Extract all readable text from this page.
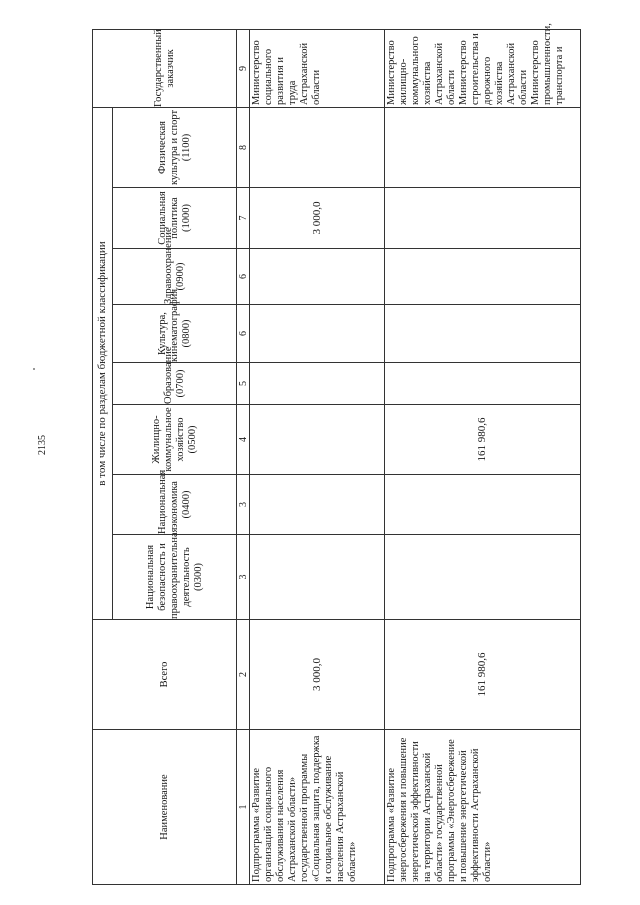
2135
Наименование	Всего	в том числе по разделам бюджетной классификации								Государственный заказчик
		Национальная безопасность и правоохранительная деятельность (0300)	Национальная экономика (0400)	Жилищно-коммунальное хозяйство (0500)	Образование (0700)	Культура, кинематография (0800)	Здравоохранение (0900)	Социальная политика (1000)	Физическая культура и спорт (1100)	
1	2	3	3	4	5	6	6	7	8	9
Подпрограмма «Развитие организаций социального обслуживания населения Астраханской области» государственной программы «Социальная защита, поддержка и социальное обслуживание населения Астраханской области»	3 000,0							3 000,0		Министерство социального развития и труда Астраханской области
Подпрограмма «Развитие энергосбережения и повышение энергетической эффективности на территории Астраханской области» государственной программы «Энергосбережение и повышение энергетической эффективности Астраханской области»	161 980,6			161 980,6						Министерство жилищно-коммунального хозяйства Астраханской области Министерство строительства и дорожного хозяйства Астраханской области Министерство промышленности, транспорта и
